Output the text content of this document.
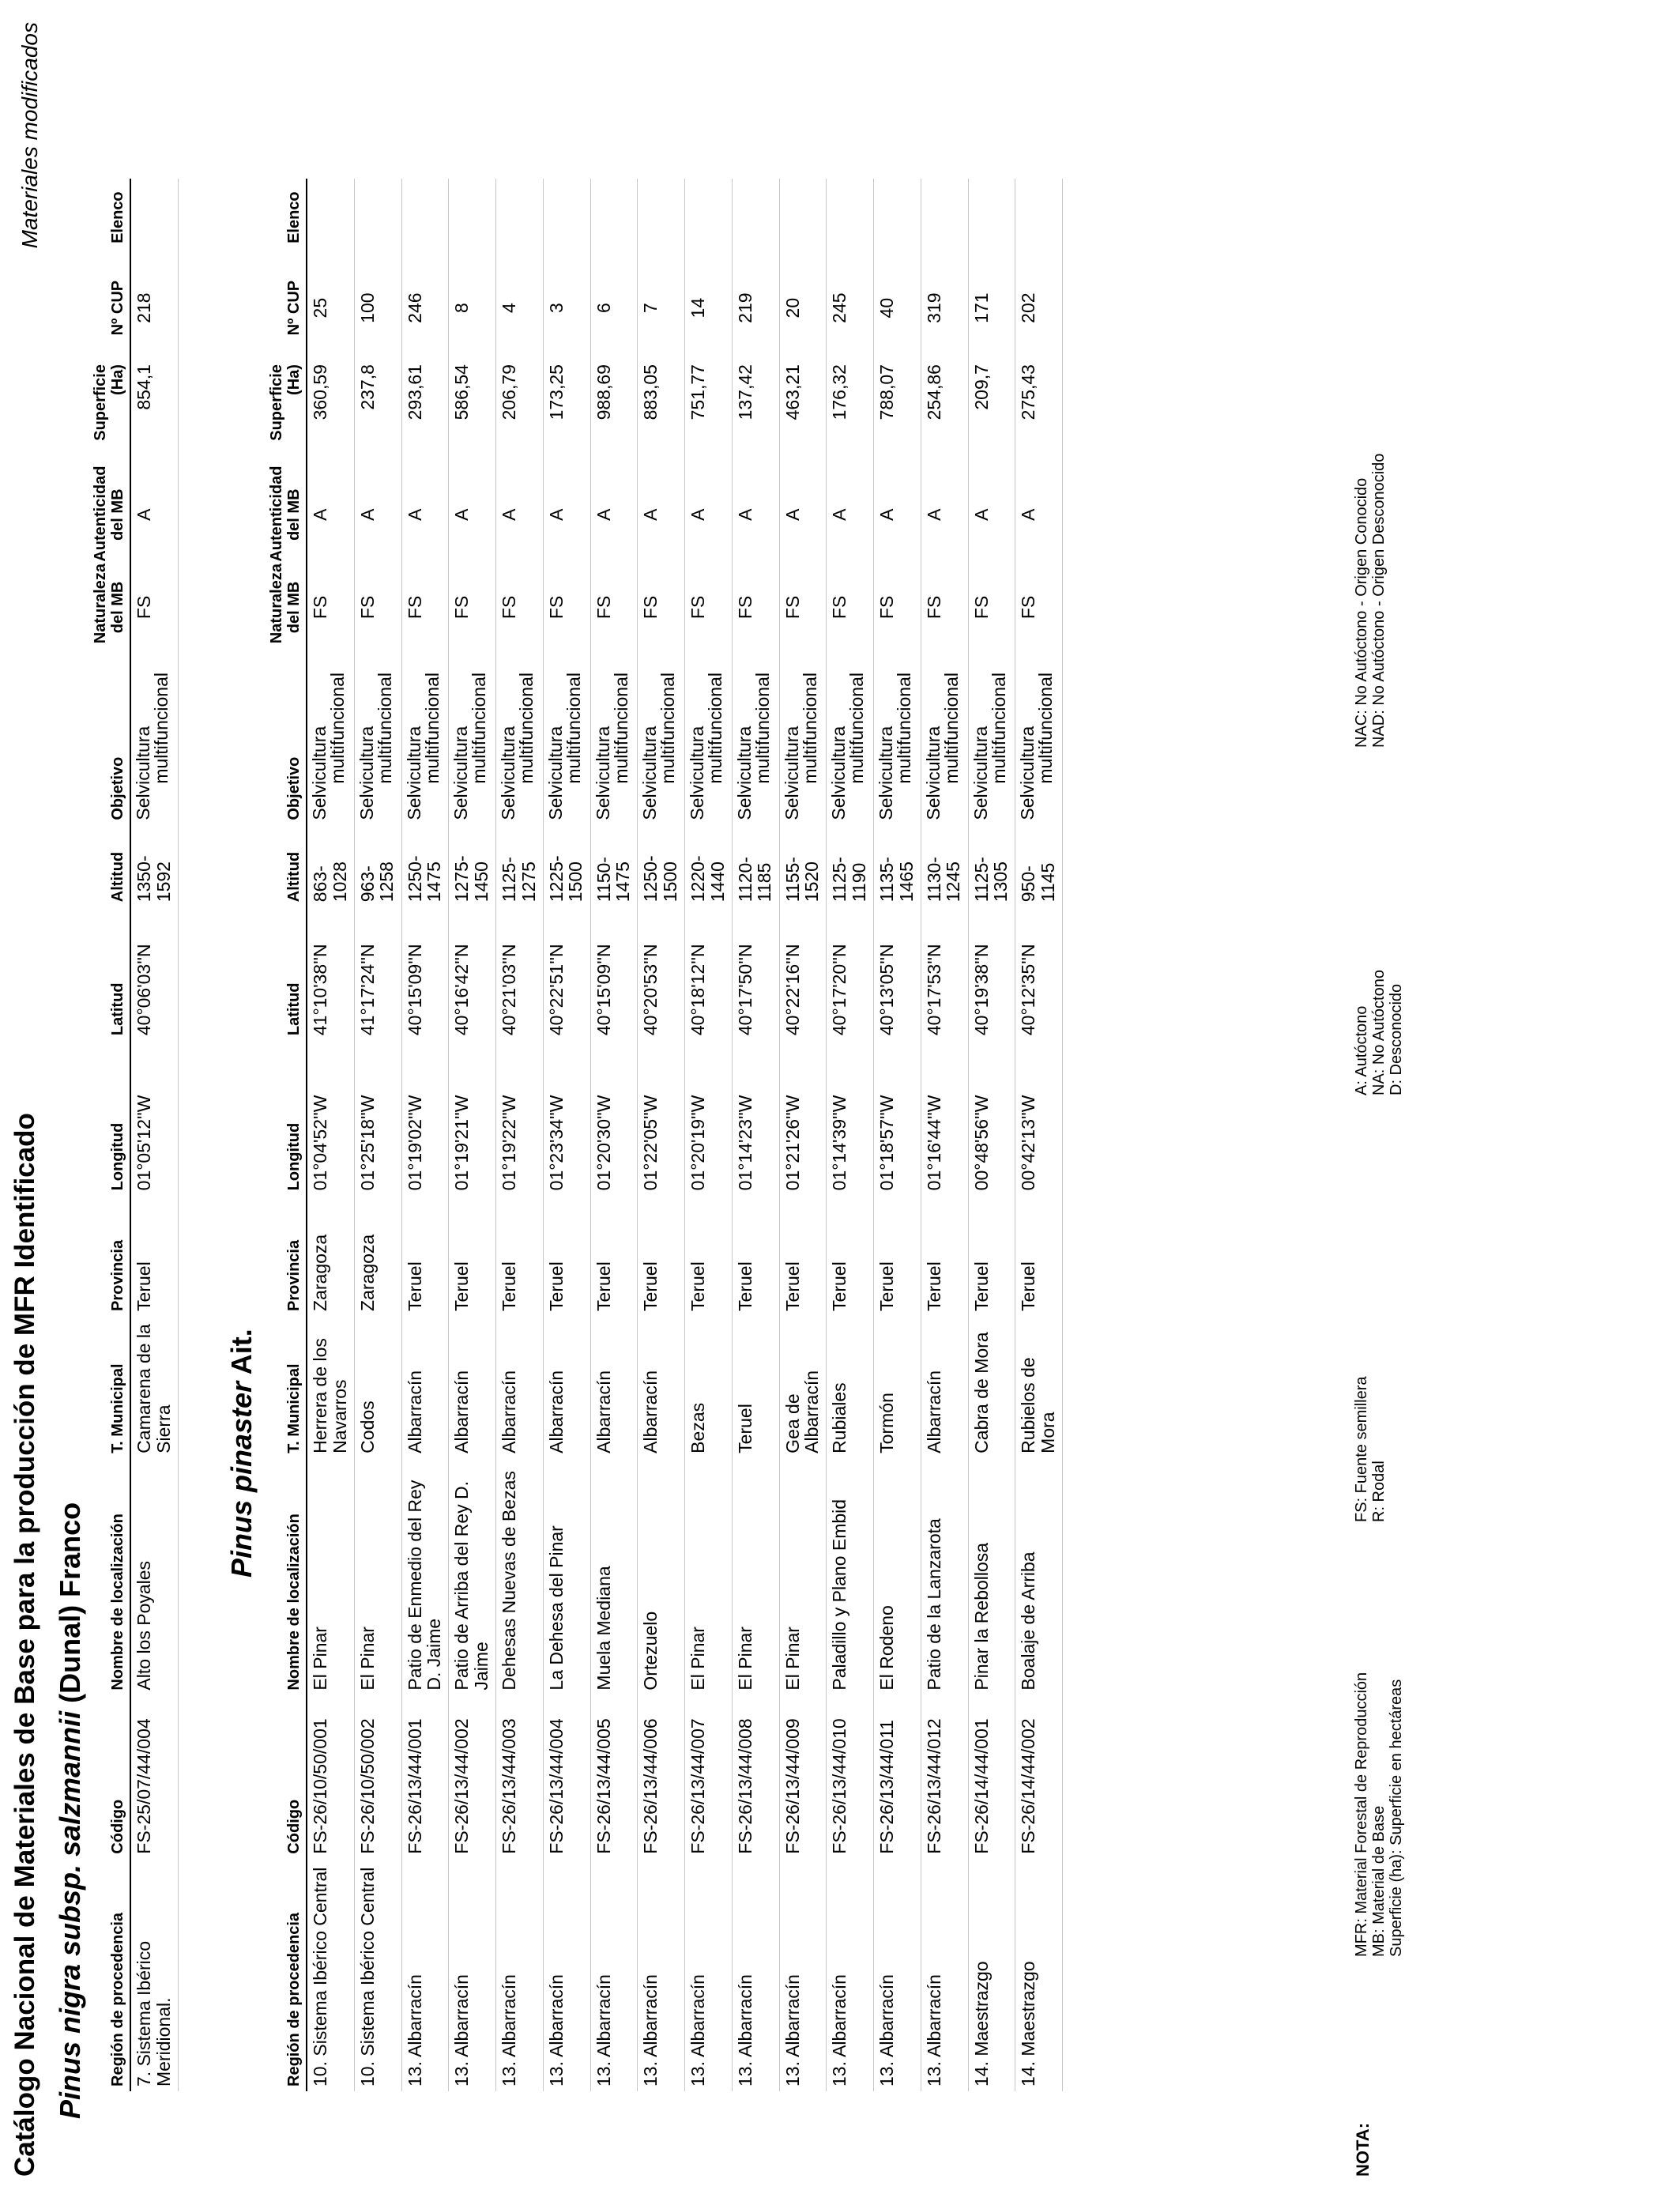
Catálogo Nacional de Materiales de Base para la producción de MFR Identificado
Materiales modificados
Pinus nigra subsp. salzmannii (Dunal) Franco
Región de procedencia	Código	Nombre de localización	T. Municipal	Provincia	Longitud	Latitud	Altitud	Objetivo	Naturaleza del MB	Autenticidad del MB	Superficie (Ha)	Nº CUP	Elenco
7. Sistema Ibérico Meridional.	FS-25/07/44/004	Alto los Poyales	Camarena de la Sierra	Teruel	01°05'12''W	40°06'03''N	1350-1592	Selvicultura
multifuncional	FS	A	854,1	218	
Pinus pinaster Ait.
Región de procedencia	Código	Nombre de localización	T. Municipal	Provincia	Longitud	Latitud	Altitud	Objetivo	Naturaleza del MB	Autenticidad del MB	Superficie (Ha)	Nº CUP	Elenco
10. Sistema Ibérico Central	FS-26/10/50/001	El Pinar	Herrera de los Navarros	Zaragoza	01°04'52''W	41°10'38''N	863-1028	Selvicultura
multifuncional	FS	A	360,59	25	
10. Sistema Ibérico Central	FS-26/10/50/002	El Pinar	Codos	Zaragoza	01°25'18''W	41°17'24''N	963-1258	Selvicultura
multifuncional	FS	A	237,8	100	
13. Albarracín	FS-26/13/44/001	Patio de Enmedio del Rey D. Jaime	Albarracín	Teruel	01°19'02''W	40°15'09''N	1250-1475	Selvicultura
multifuncional	FS	A	293,61	246	
13. Albarracín	FS-26/13/44/002	Patio de Arriba del Rey D. Jaime	Albarracín	Teruel	01°19'21''W	40°16'42''N	1275-1450	Selvicultura
multifuncional	FS	A	586,54	8	
13. Albarracín	FS-26/13/44/003	Dehesas Nuevas de Bezas	Albarracín	Teruel	01°19'22''W	40°21'03''N	1125-1275	Selvicultura
multifuncional	FS	A	206,79	4	
13. Albarracín	FS-26/13/44/004	La Dehesa del Pinar	Albarracín	Teruel	01°23'34''W	40°22'51''N	1225-1500	Selvicultura
multifuncional	FS	A	173,25	3	
13. Albarracín	FS-26/13/44/005	Muela Mediana	Albarracín	Teruel	01°20'30''W	40°15'09''N	1150-1475	Selvicultura
multifuncional	FS	A	988,69	6	
13. Albarracín	FS-26/13/44/006	Ortezuelo	Albarracín	Teruel	01°22'05''W	40°20'53''N	1250-1500	Selvicultura
multifuncional	FS	A	883,05	7	
13. Albarracín	FS-26/13/44/007	El Pinar	Bezas	Teruel	01°20'19''W	40°18'12''N	1220-1440	Selvicultura
multifuncional	FS	A	751,77	14	
13. Albarracín	FS-26/13/44/008	El Pinar	Teruel	Teruel	01°14'23''W	40°17'50''N	1120-1185	Selvicultura
multifuncional	FS	A	137,42	219	
13. Albarracín	FS-26/13/44/009	El Pinar	Gea de Albarracín	Teruel	01°21'26''W	40°22'16''N	1155-1520	Selvicultura
multifuncional	FS	A	463,21	20	
13. Albarracín	FS-26/13/44/010	Paladillo y Plano Embid	Rubiales	Teruel	01°14'39''W	40°17'20''N	1125-1190	Selvicultura
multifuncional	FS	A	176,32	245	
13. Albarracín	FS-26/13/44/011	El Rodeno	Tormón	Teruel	01°18'57''W	40°13'05''N	1135-1465	Selvicultura
multifuncional	FS	A	788,07	40	
13. Albarracín	FS-26/13/44/012	Patio de la Lanzarota	Albarracín	Teruel	01°16'44''W	40°17'53''N	1130-1245	Selvicultura
multifuncional	FS	A	254,86	319	
14. Maestrazgo	FS-26/14/44/001	Pinar la Rebollosa	Cabra de Mora	Teruel	00°48'56''W	40°19'38''N	1125-1305	Selvicultura
multifuncional	FS	A	209,7	171	
14. Maestrazgo	FS-26/14/44/002	Boalaje de Arriba	Rubielos de Mora	Teruel	00°42'13''W	40°12'35''N	950-1145	Selvicultura
multifuncional	FS	A	275,43	202	
NOTA:
MFR: Material Forestal de Reproducción MB: Material de Base Superficie (ha): Superficie en hectáreas
FS: Fuente semillera R: Rodal
A: Autóctono NA: No Autóctono D: Desconocido
NAC: No Autóctono - Origen Conocido NAD: No Autóctono - Origen Desconocido
